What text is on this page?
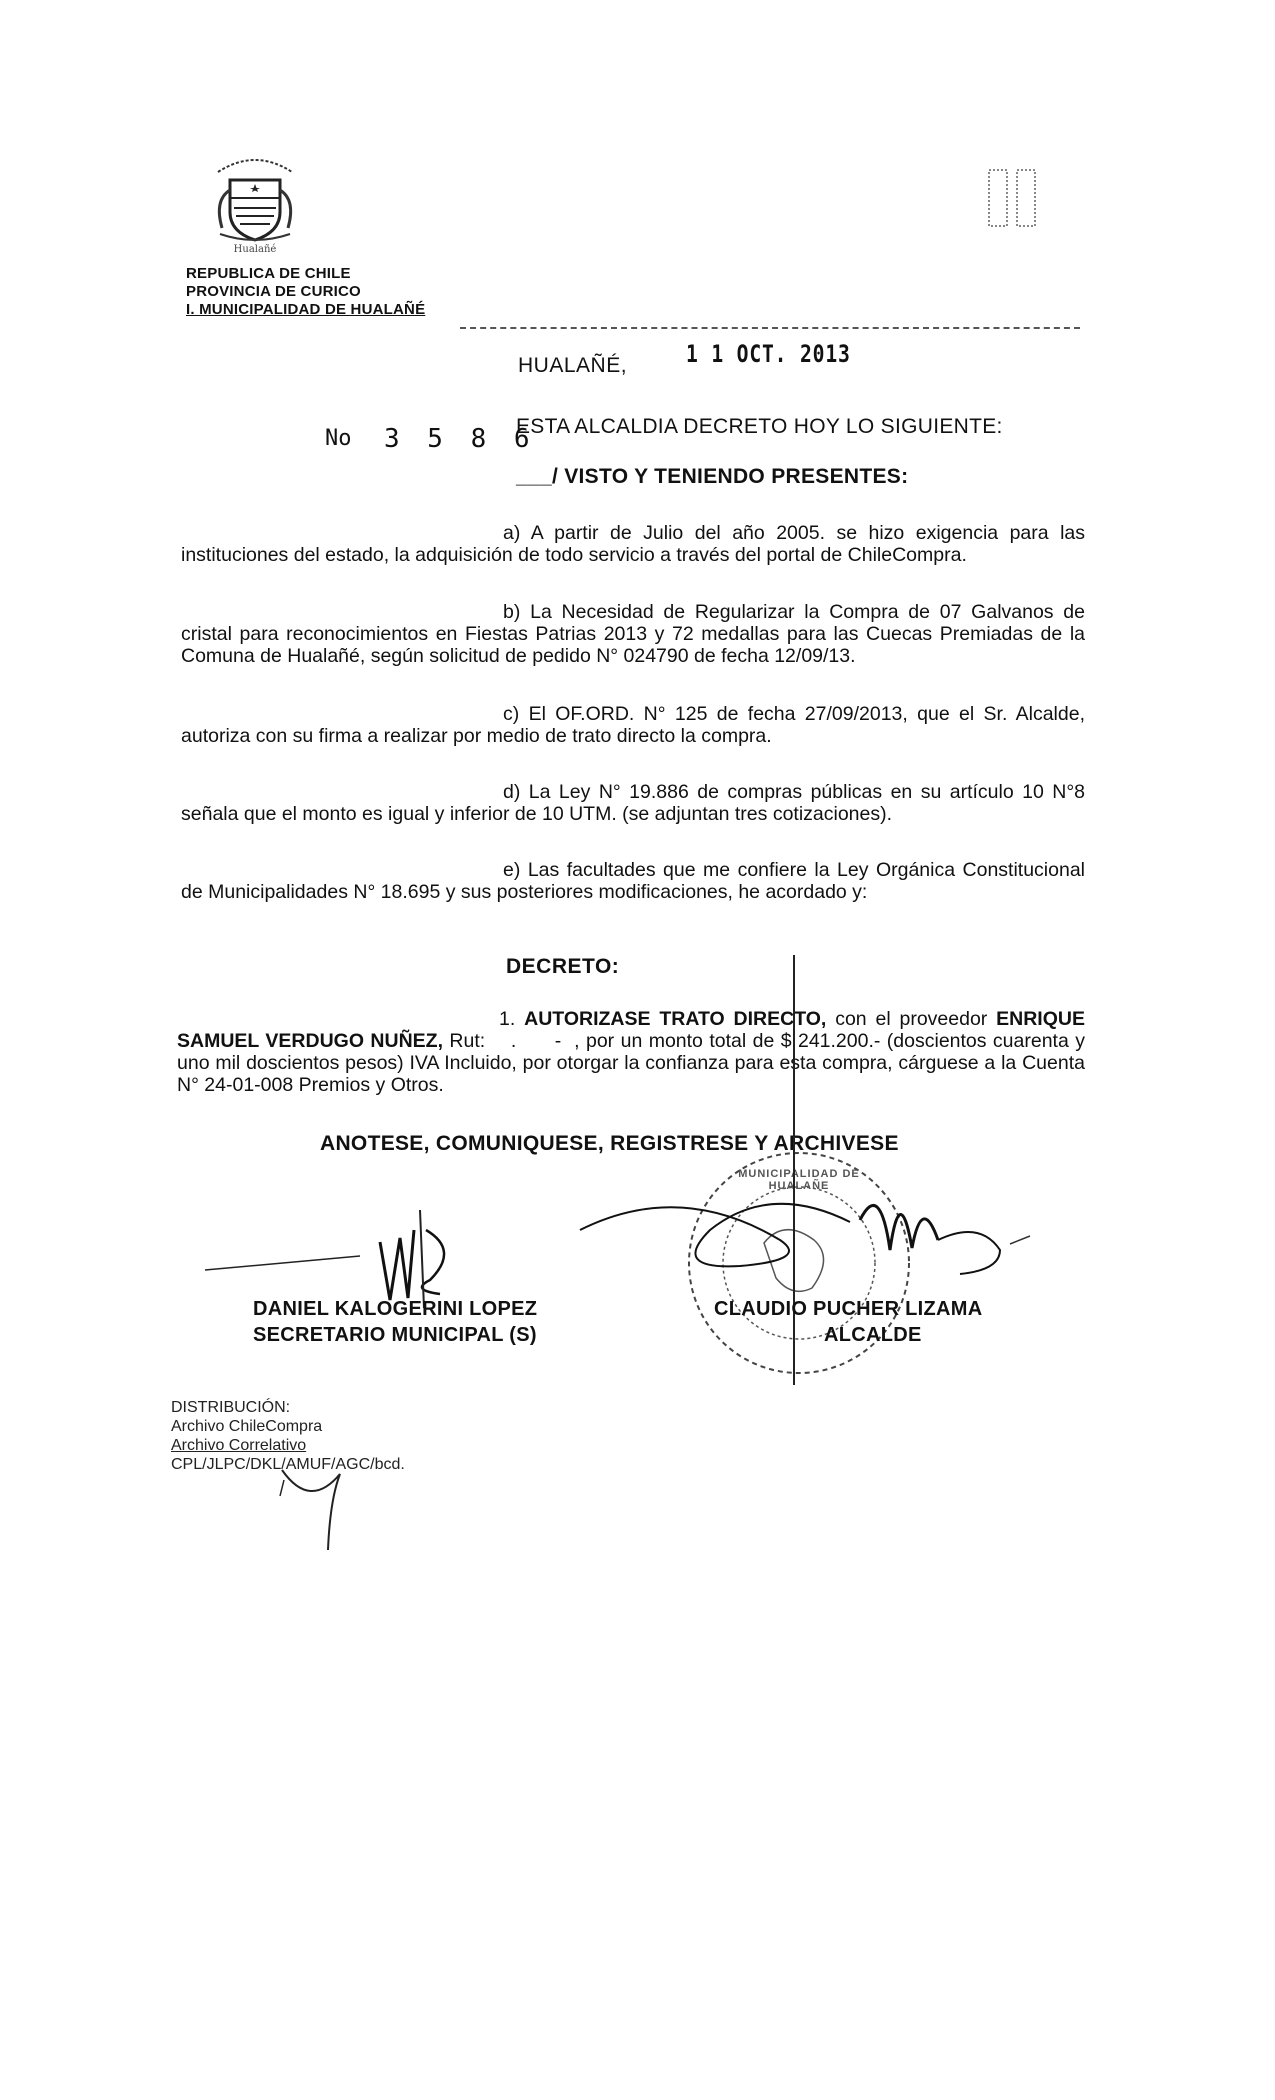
Hualañé
REPUBLICA DE CHILE
PROVINCIA DE CURICO
I. MUNICIPALIDAD DE HUALAÑÉ
HUALAÑÉ, 1 1 OCT. 2013
No 3 5 8 6
ESTA ALCALDIA DECRETO HOY LO SIGUIENTE:
___/ VISTO Y TENIENDO PRESENTES:
a) A partir de Julio del año 2005. se hizo exigencia para las instituciones del estado, la adquisición de todo servicio a través del portal de ChileCompra.
b) La Necesidad de Regularizar la Compra de 07 Galvanos de cristal para reconocimientos en Fiestas Patrias 2013 y 72 medallas para las Cuecas Premiadas de la Comuna de Hualañé, según solicitud de pedido N° 024790 de fecha 12/09/13.
c) El OF.ORD. N° 125 de fecha 27/09/2013, que el Sr. Alcalde, autoriza con su firma a realizar por medio de trato directo la compra.
d) La Ley N° 19.886 de compras públicas en su artículo 10 N°8 señala que el monto es igual y inferior de 10 UTM. (se adjuntan tres cotizaciones).
e) Las facultades que me confiere la Ley Orgánica Constitucional de Municipalidades N° 18.695 y sus posteriores modificaciones, he acordado y:
DECRETO:
1. AUTORIZASE TRATO DIRECTO, con el proveedor ENRIQUE SAMUEL VERDUGO NUÑEZ, Rut:    .      -  , por un monto total de $ 241.200.- (doscientos cuarenta y uno mil doscientos pesos) IVA Incluido, por otorgar la confianza para esta compra, cárguese a la Cuenta N° 24-01-008 Premios y Otros.
ANOTESE, COMUNIQUESE, REGISTRESE Y ARCHIVESE
MUNICIPALIDAD DE HUALAÑE
DANIEL KALOGERINI LOPEZ
SECRETARIO MUNICIPAL (S)
CLAUDIO PUCHER LIZAMA
ALCALDE
DISTRIBUCIÓN:
Archivo ChileCompra
Archivo Correlativo
CPL/JLPC/DKL/AMUF/AGC/bcd.
